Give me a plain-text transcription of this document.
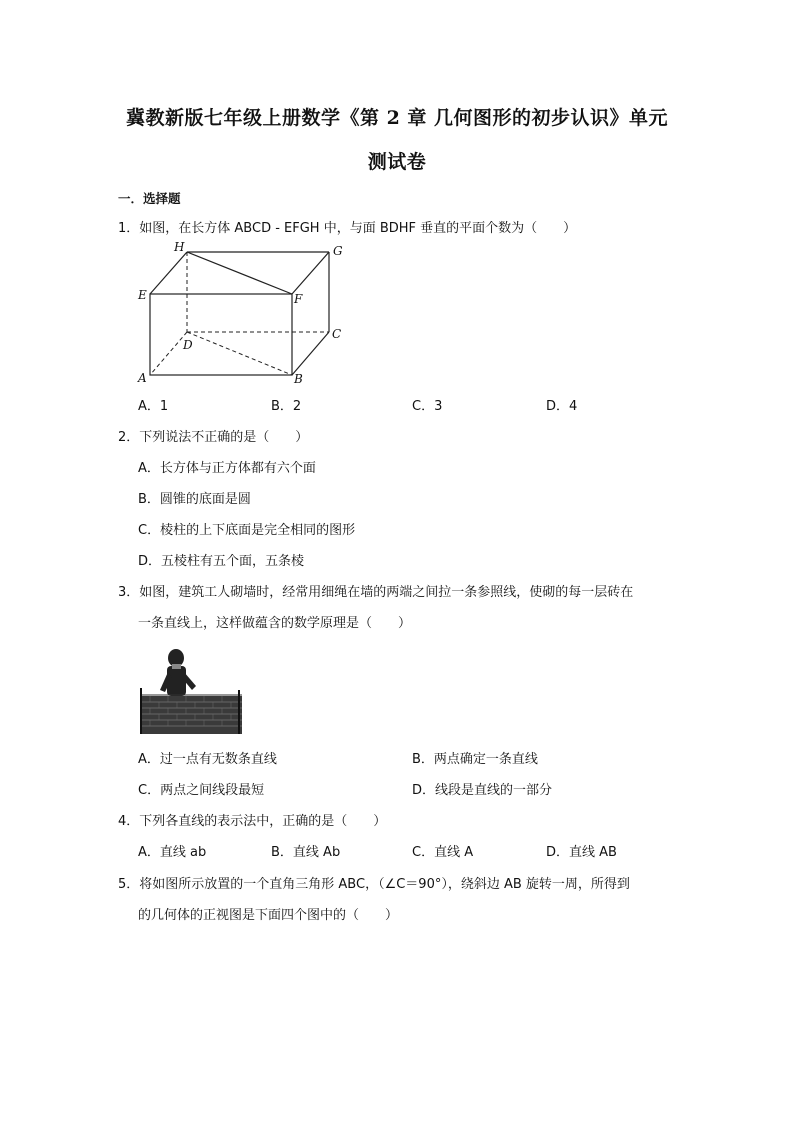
冀教新版七年级上册数学《第 2 章 几何图形的初步认识》单元
测试卷
一．选择题
1．如图，在长方体 ABCD - EFGH 中，与面 BDHF 垂直的平面个数为（　　）
H	G
E	F
C
D
A	B
A．1	B．2	C．3	D．4
2．下列说法不正确的是（　　）
A．长方体与正方体都有六个面
B．圆锥的底面是圆
C．棱柱的上下底面是完全相同的图形
D．五棱柱有五个面，五条棱
3．如图，建筑工人砌墙时，经常用细绳在墙的两端之间拉一条参照线，使砌的每一层砖在
一条直线上，这样做蕴含的数学原理是（　　）
A．过一点有无数条直线	B．两点确定一条直线
C．两点之间线段最短	D．线段是直线的一部分
4．下列各直线的表示法中，正确的是（　　）
A．直线 ab	B．直线 Ab	C．直线 A	D．直线 AB
5．将如图所示放置的一个直角三角形 ABC，（∠C＝90°），绕斜边 AB 旋转一周，所得到
的几何体的正视图是下面四个图中的（　　）
